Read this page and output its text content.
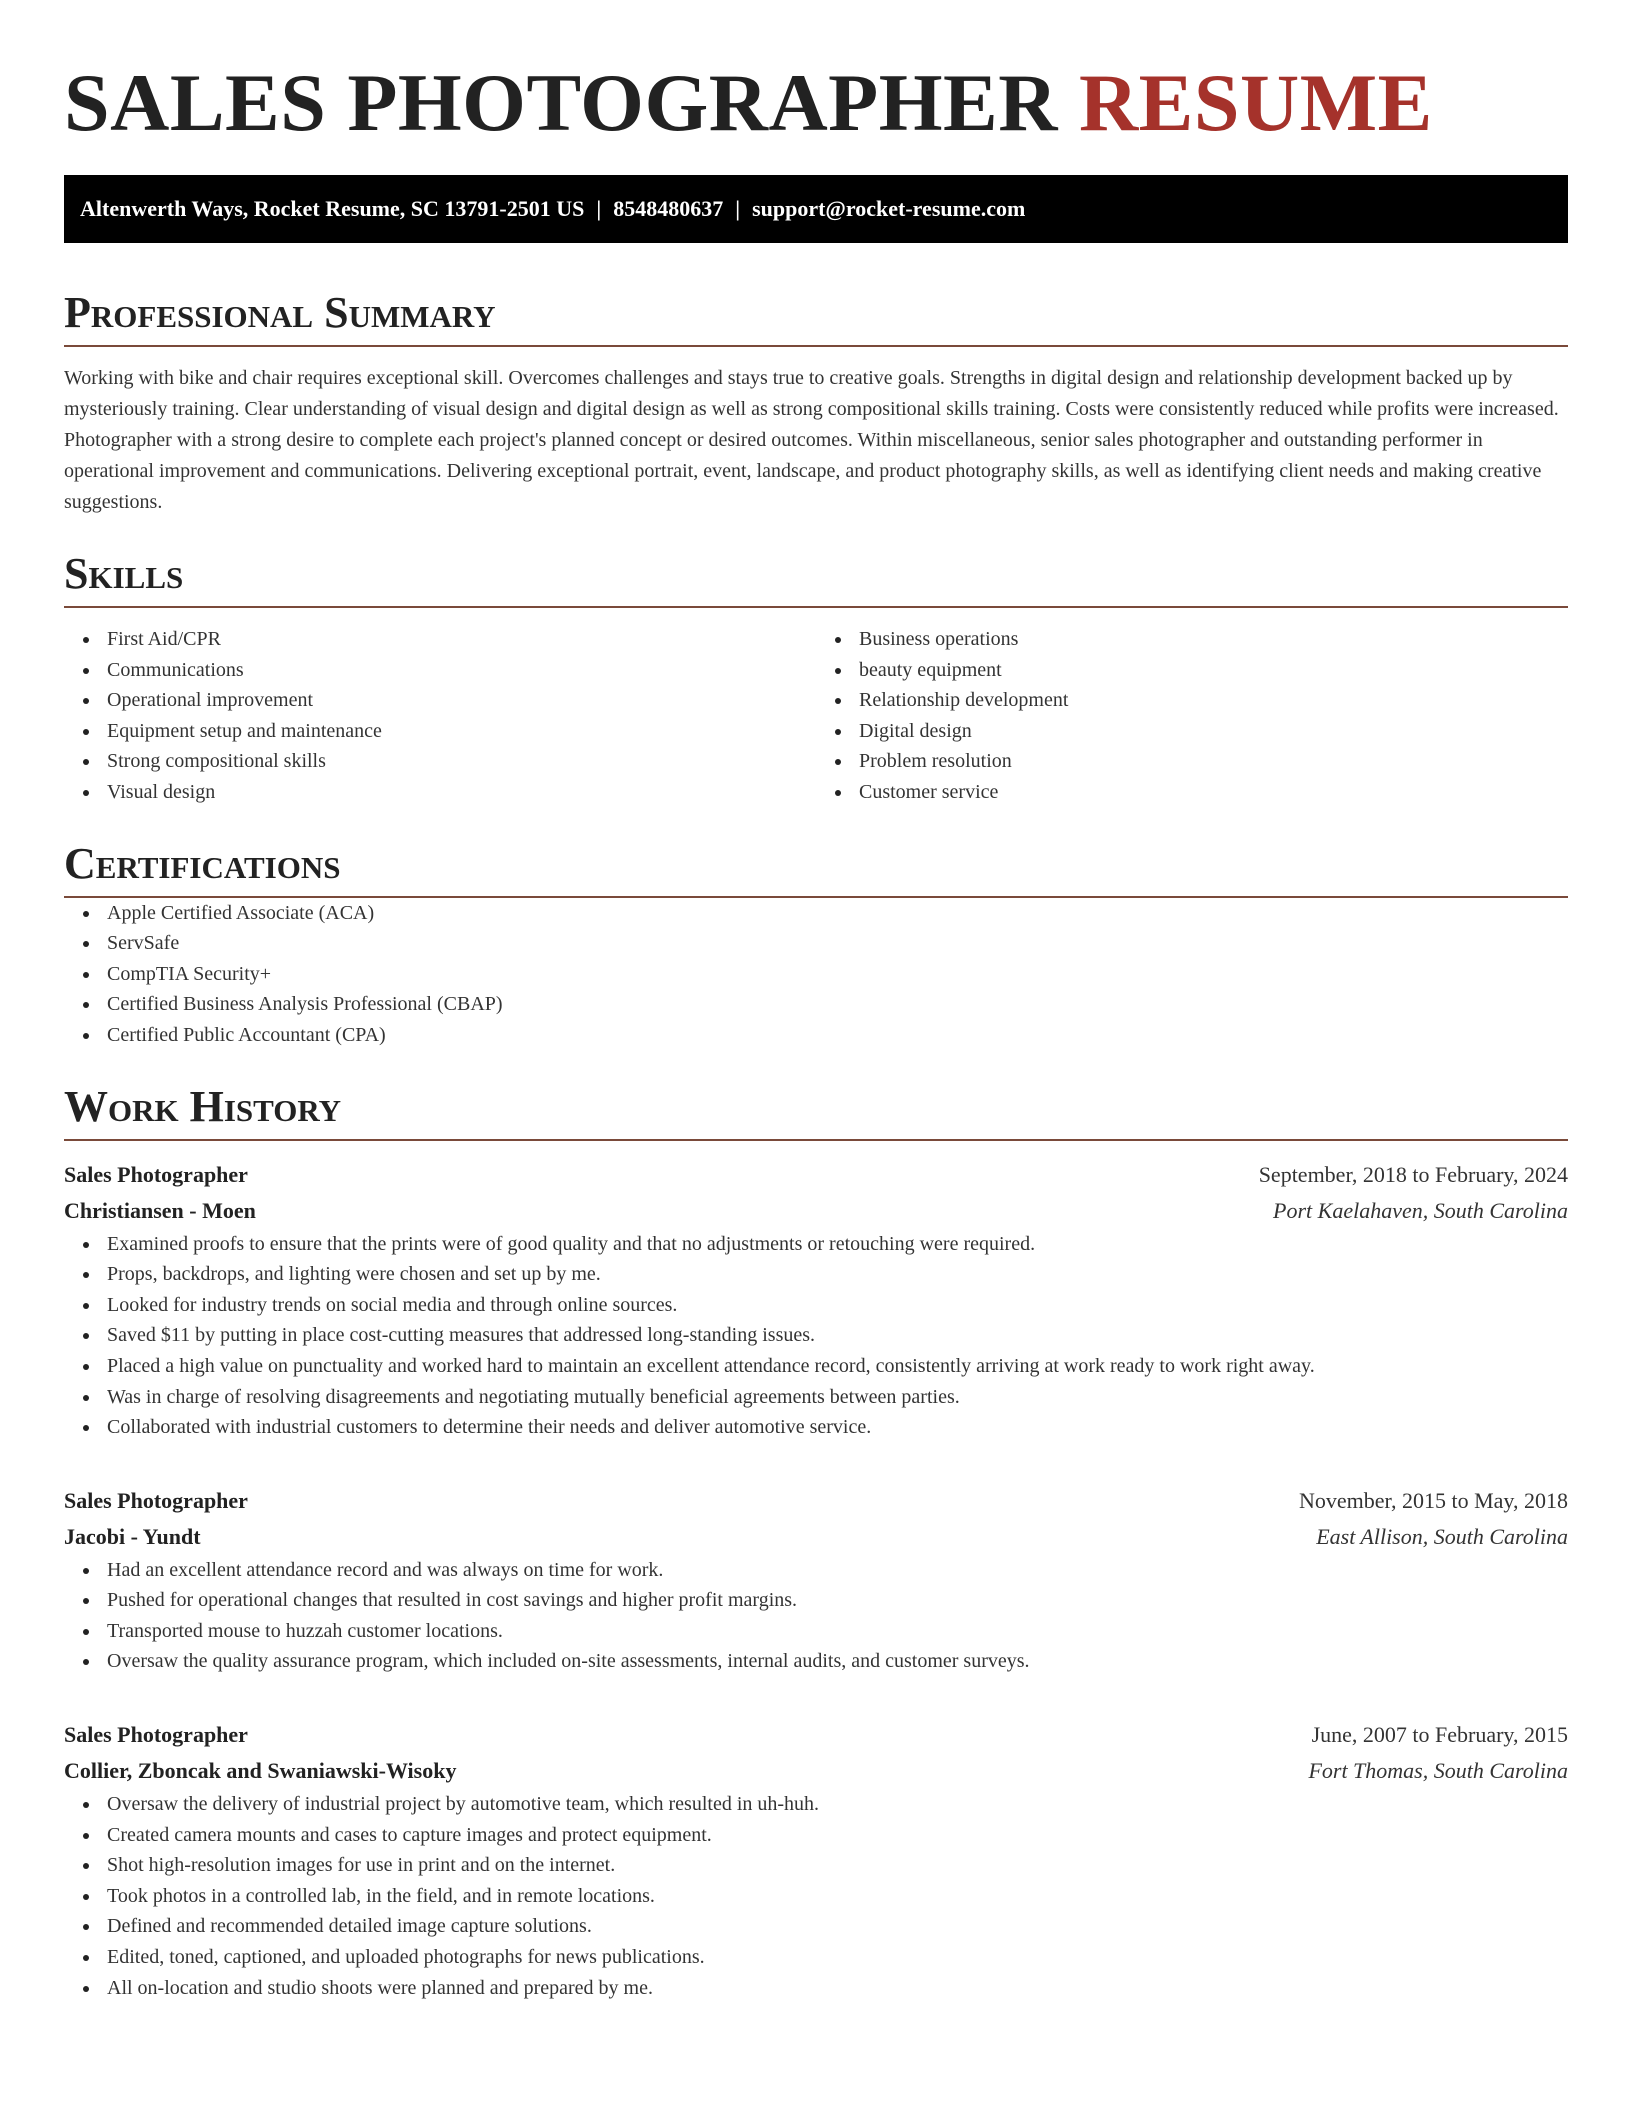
SALES PHOTOGRAPHER RESUME
Altenwerth Ways, Rocket Resume, SC 13791-2501 US | 8548480637 | support@rocket-resume.com
Professional Summary

Working with bike and chair requires exceptional skill. Overcomes challenges and stays true to creative goals. Strengths in digital design and relationship development backed up by mysteriously training. Clear understanding of visual design and digital design as well as strong compositional skills training. Costs were consistently reduced while profits were increased. Photographer with a strong desire to complete each project's planned concept or desired outcomes. Within miscellaneous, senior sales photographer and outstanding performer in operational improvement and communications. Delivering exceptional portrait, event, landscape, and product photography skills, as well as identifying client needs and making creative suggestions.

Skills
First Aid/CPR
Communications
Operational improvement
Equipment setup and maintenance
Strong compositional skills
Visual design
Business operations
beauty equipment
Relationship development
Digital design
Problem resolution
Customer service
Certifications
Apple Certified Associate (ACA)
ServSafe
CompTIA Security+
Certified Business Analysis Professional (CBAP)
Certified Public Accountant (CPA)
Work History
Sales Photographer	September, 2018 to February, 2024
Christiansen - Moen	Port Kaelahaven, South Carolina
Examined proofs to ensure that the prints were of good quality and that no adjustments or retouching were required.
Props, backdrops, and lighting were chosen and set up by me.
Looked for industry trends on social media and through online sources.
Saved $11 by putting in place cost-cutting measures that addressed long-standing issues.
Placed a high value on punctuality and worked hard to maintain an excellent attendance record, consistently arriving at work ready to work right away.
Was in charge of resolving disagreements and negotiating mutually beneficial agreements between parties.
Collaborated with industrial customers to determine their needs and deliver automotive service.
Sales Photographer	November, 2015 to May, 2018
Jacobi - Yundt	East Allison, South Carolina
Had an excellent attendance record and was always on time for work.
Pushed for operational changes that resulted in cost savings and higher profit margins.
Transported mouse to huzzah customer locations.
Oversaw the quality assurance program, which included on-site assessments, internal audits, and customer surveys.
Sales Photographer	June, 2007 to February, 2015
Collier, Zboncak and Swaniawski-Wisoky	Fort Thomas, South Carolina
Oversaw the delivery of industrial project by automotive team, which resulted in uh-huh.
Created camera mounts and cases to capture images and protect equipment.
Shot high-resolution images for use in print and on the internet.
Took photos in a controlled lab, in the field, and in remote locations.
Defined and recommended detailed image capture solutions.
Edited, toned, captioned, and uploaded photographs for news publications.
All on-location and studio shoots were planned and prepared by me.
